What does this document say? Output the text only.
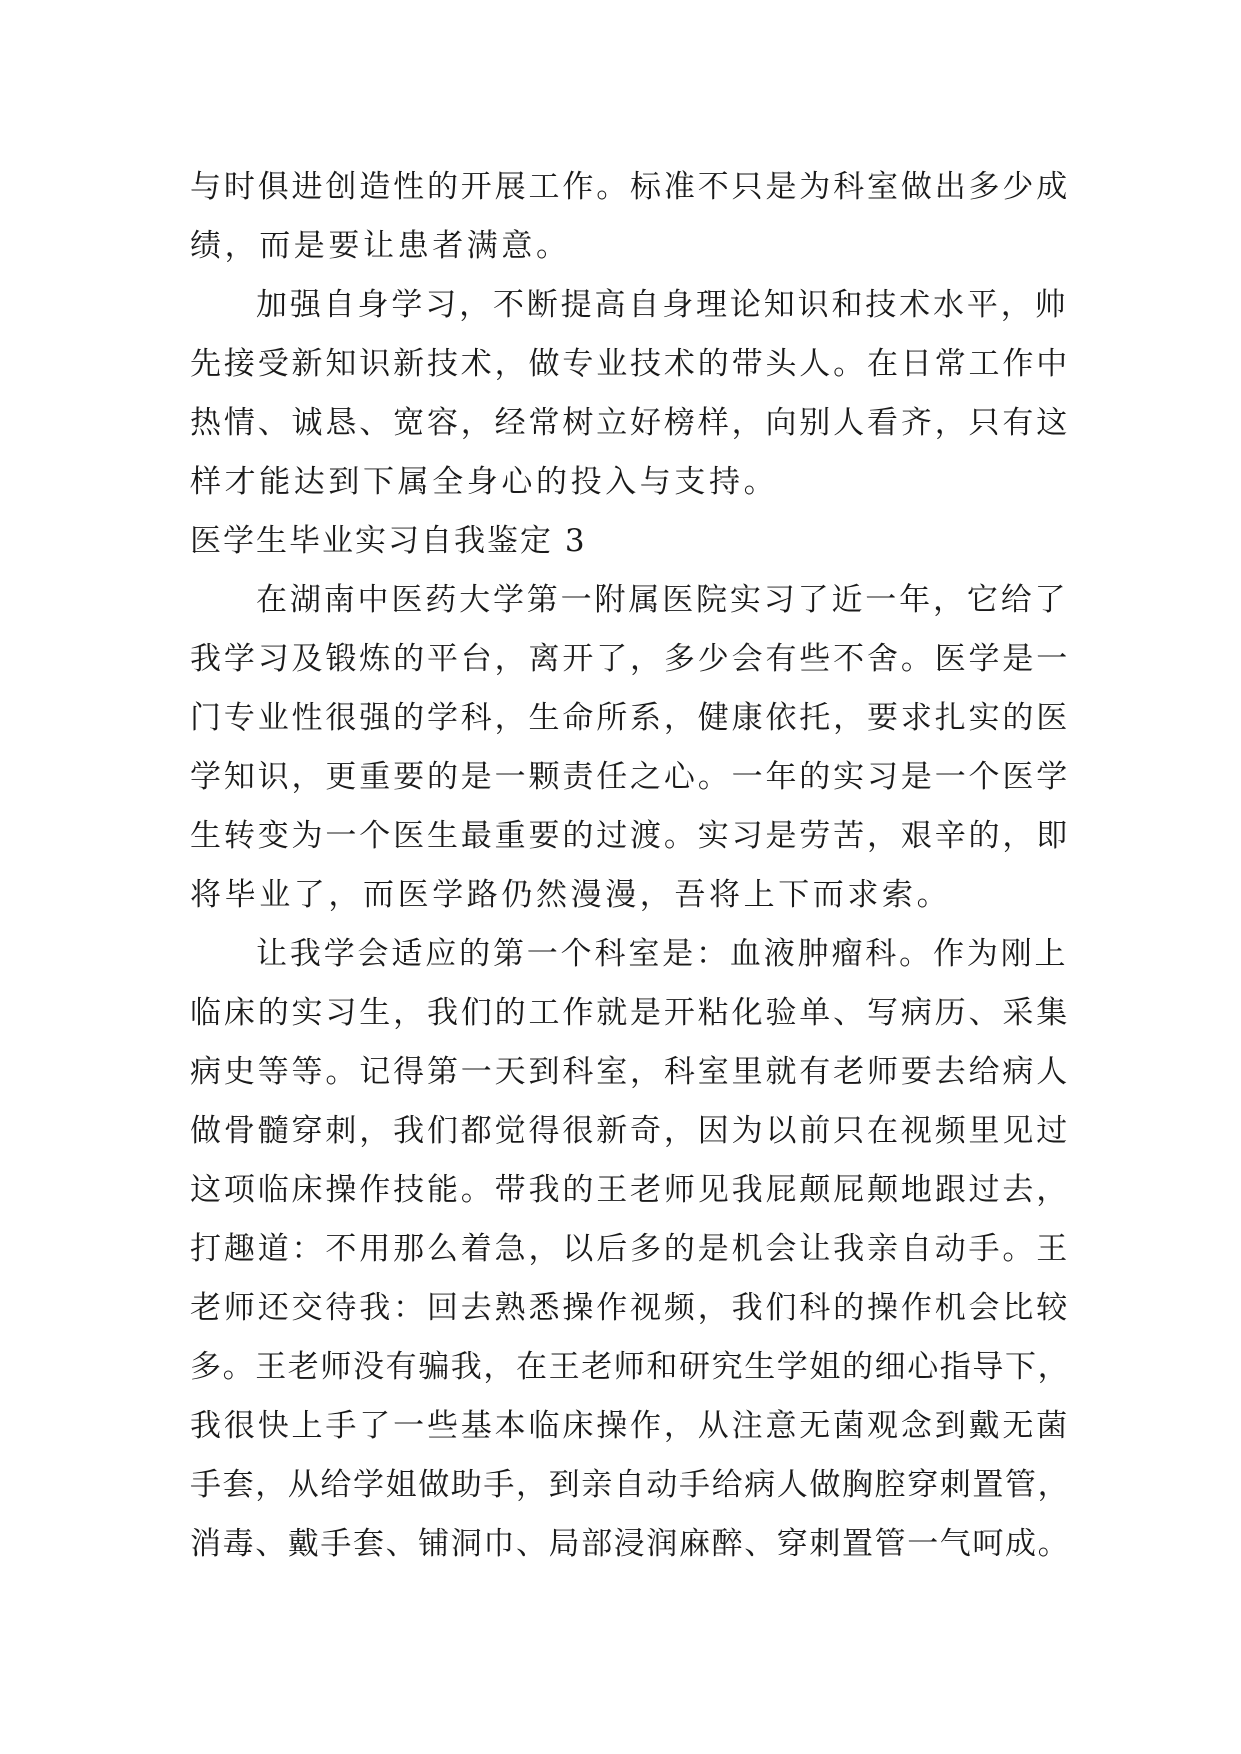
与时俱进创造性的开展工作。标准不只是为科室做出多少成
绩，而是要让患者满意。
加强自身学习，不断提高自身理论知识和技术水平，帅
先接受新知识新技术，做专业技术的带头人。在日常工作中
热情、诚恳、宽容，经常树立好榜样，向别人看齐，只有这
样才能达到下属全身心的投入与支持。
医学生毕业实习自我鉴定 3
在湖南中医药大学第一附属医院实习了近一年，它给了
我学习及锻炼的平台，离开了，多少会有些不舍。医学是一
门专业性很强的学科，生命所系，健康依托，要求扎实的医
学知识，更重要的是一颗责任之心。一年的实习是一个医学
生转变为一个医生最重要的过渡。实习是劳苦，艰辛的，即
将毕业了，而医学路仍然漫漫，吾将上下而求索。
让我学会适应的第一个科室是：血液肿瘤科。作为刚上
临床的实习生，我们的工作就是开粘化验单、写病历、采集
病史等等。记得第一天到科室，科室里就有老师要去给病人
做骨髓穿刺，我们都觉得很新奇，因为以前只在视频里见过
这项临床操作技能。带我的王老师见我屁颠屁颠地跟过去，
打趣道：不用那么着急，以后多的是机会让我亲自动手。王
老师还交待我：回去熟悉操作视频，我们科的操作机会比较
多。王老师没有骗我，在王老师和研究生学姐的细心指导下，
我很快上手了一些基本临床操作，从注意无菌观念到戴无菌
手套，从给学姐做助手，到亲自动手给病人做胸腔穿刺置管，
消毒、戴手套、铺洞巾、局部浸润麻醉、穿刺置管一气呵成。
